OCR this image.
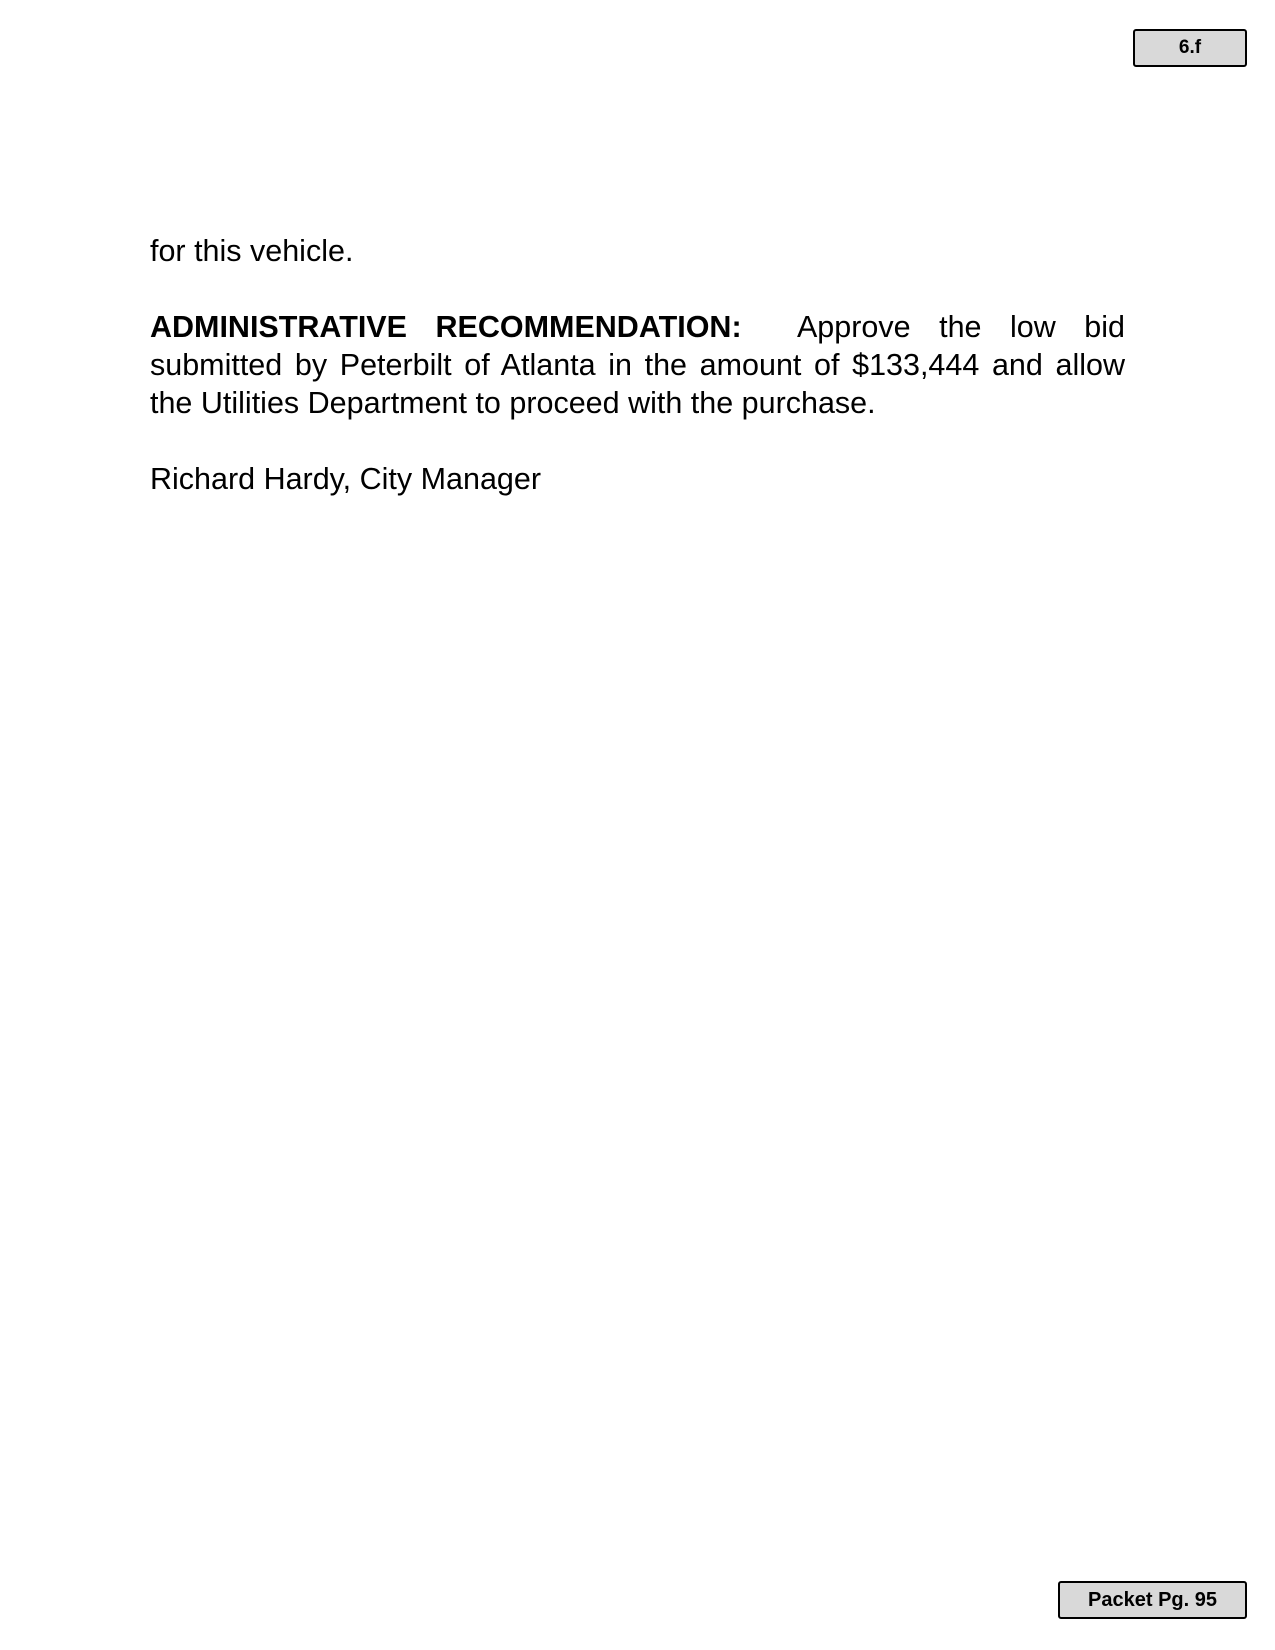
6.f

for this vehicle.

ADMINISTRATIVE RECOMMENDATION: Approve the low bid submitted by Peterbilt of Atlanta in the amount of $133,444 and allow the Utilities Department to proceed with the purchase.

Richard Hardy, City Manager

Packet Pg. 95
